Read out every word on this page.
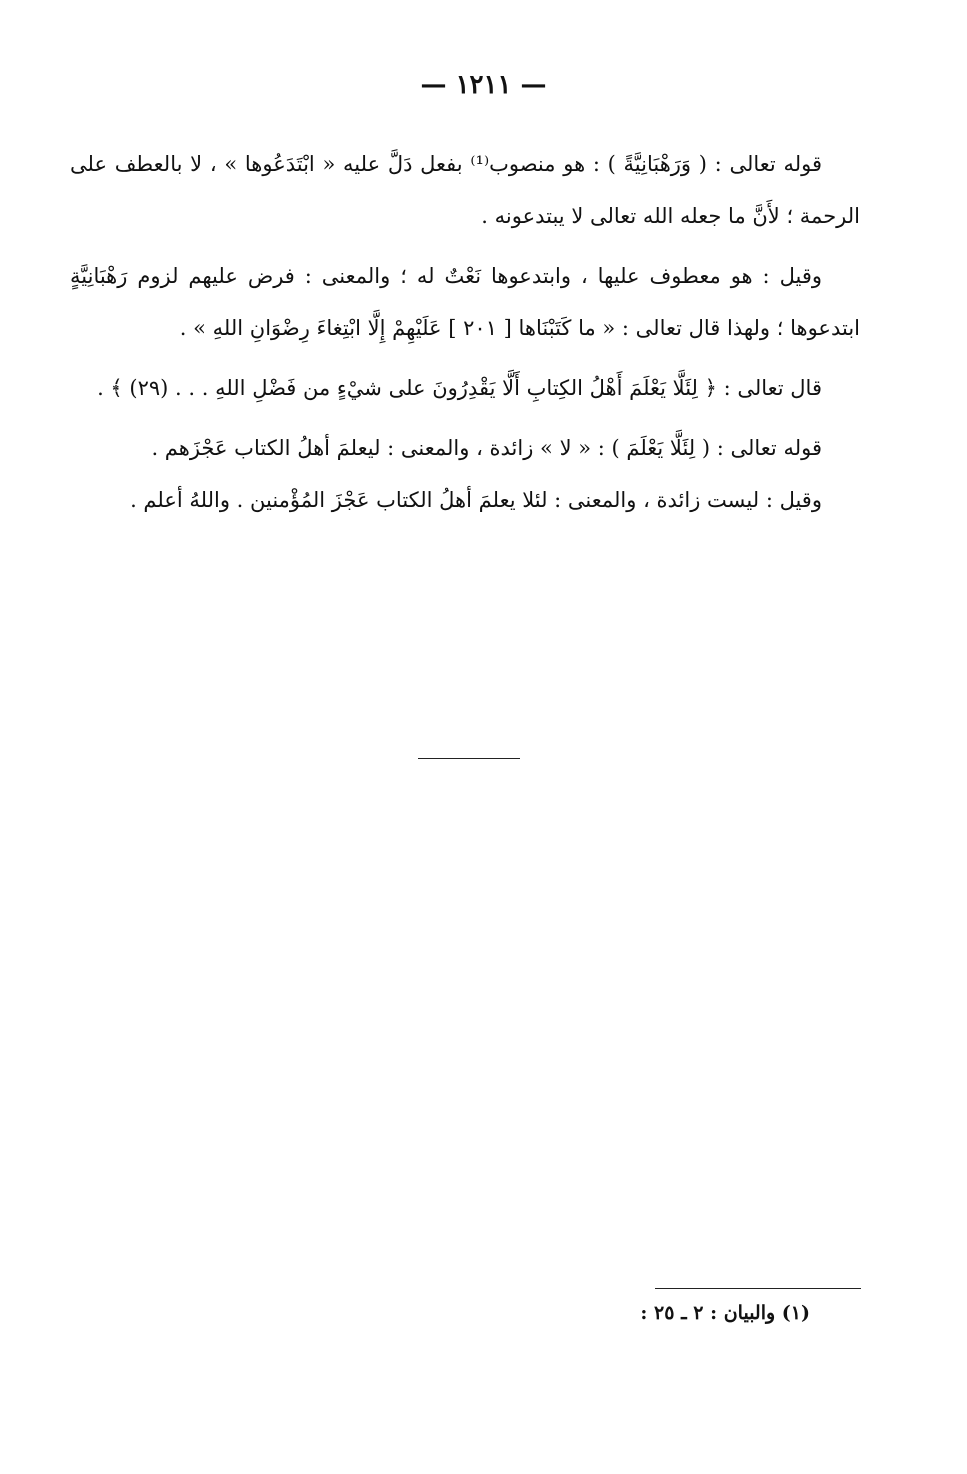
— ١٢١١ —

قوله تعالى : ( وَرَهْبَانِيَّةً ) : هو منصوب⁽¹⁾ بفعل دَلَّ عليه « ابْتَدَعُوها » ، لا بالعطف على الرحمة ؛ لأَنَّ ما جعله الله تعالى لا يبتدعونه .

وقيل : هو معطوف عليها ، وابتدعوها نَعْتٌ له ؛ والمعنى : فرض عليهم لزوم رَهْبَانِيَّةٍ ابتدعوها ؛ ولهذا قال تعالى : « ما كَتَبْنَاها [ ٢٠١ ] عَلَيْهِمْ إِلَّا ابْتِغاءَ رِضْوَانِ اللهِ » .

قال تعالى : ﴿ لِئَلَّا يَعْلَمَ أَهْلُ الكِتابِ أَلَّا يَقْدِرُونَ على شيْءٍ من فَضْلِ اللهِ . . . (٢٩) ﴾ .

قوله تعالى : ( لِئَلَّا يَعْلَمَ ) : « لا » زائدة ، والمعنى : ليعلمَ أهلُ الكتاب عَجْزَهم .

وقيل : ليست زائدة ، والمعنى : لئلا يعلمَ أهلُ الكتاب عَجْزَ المُؤْمنين . واللهُ أعلم .

(١) والبيان : ٢ ـ ٢٥ :
